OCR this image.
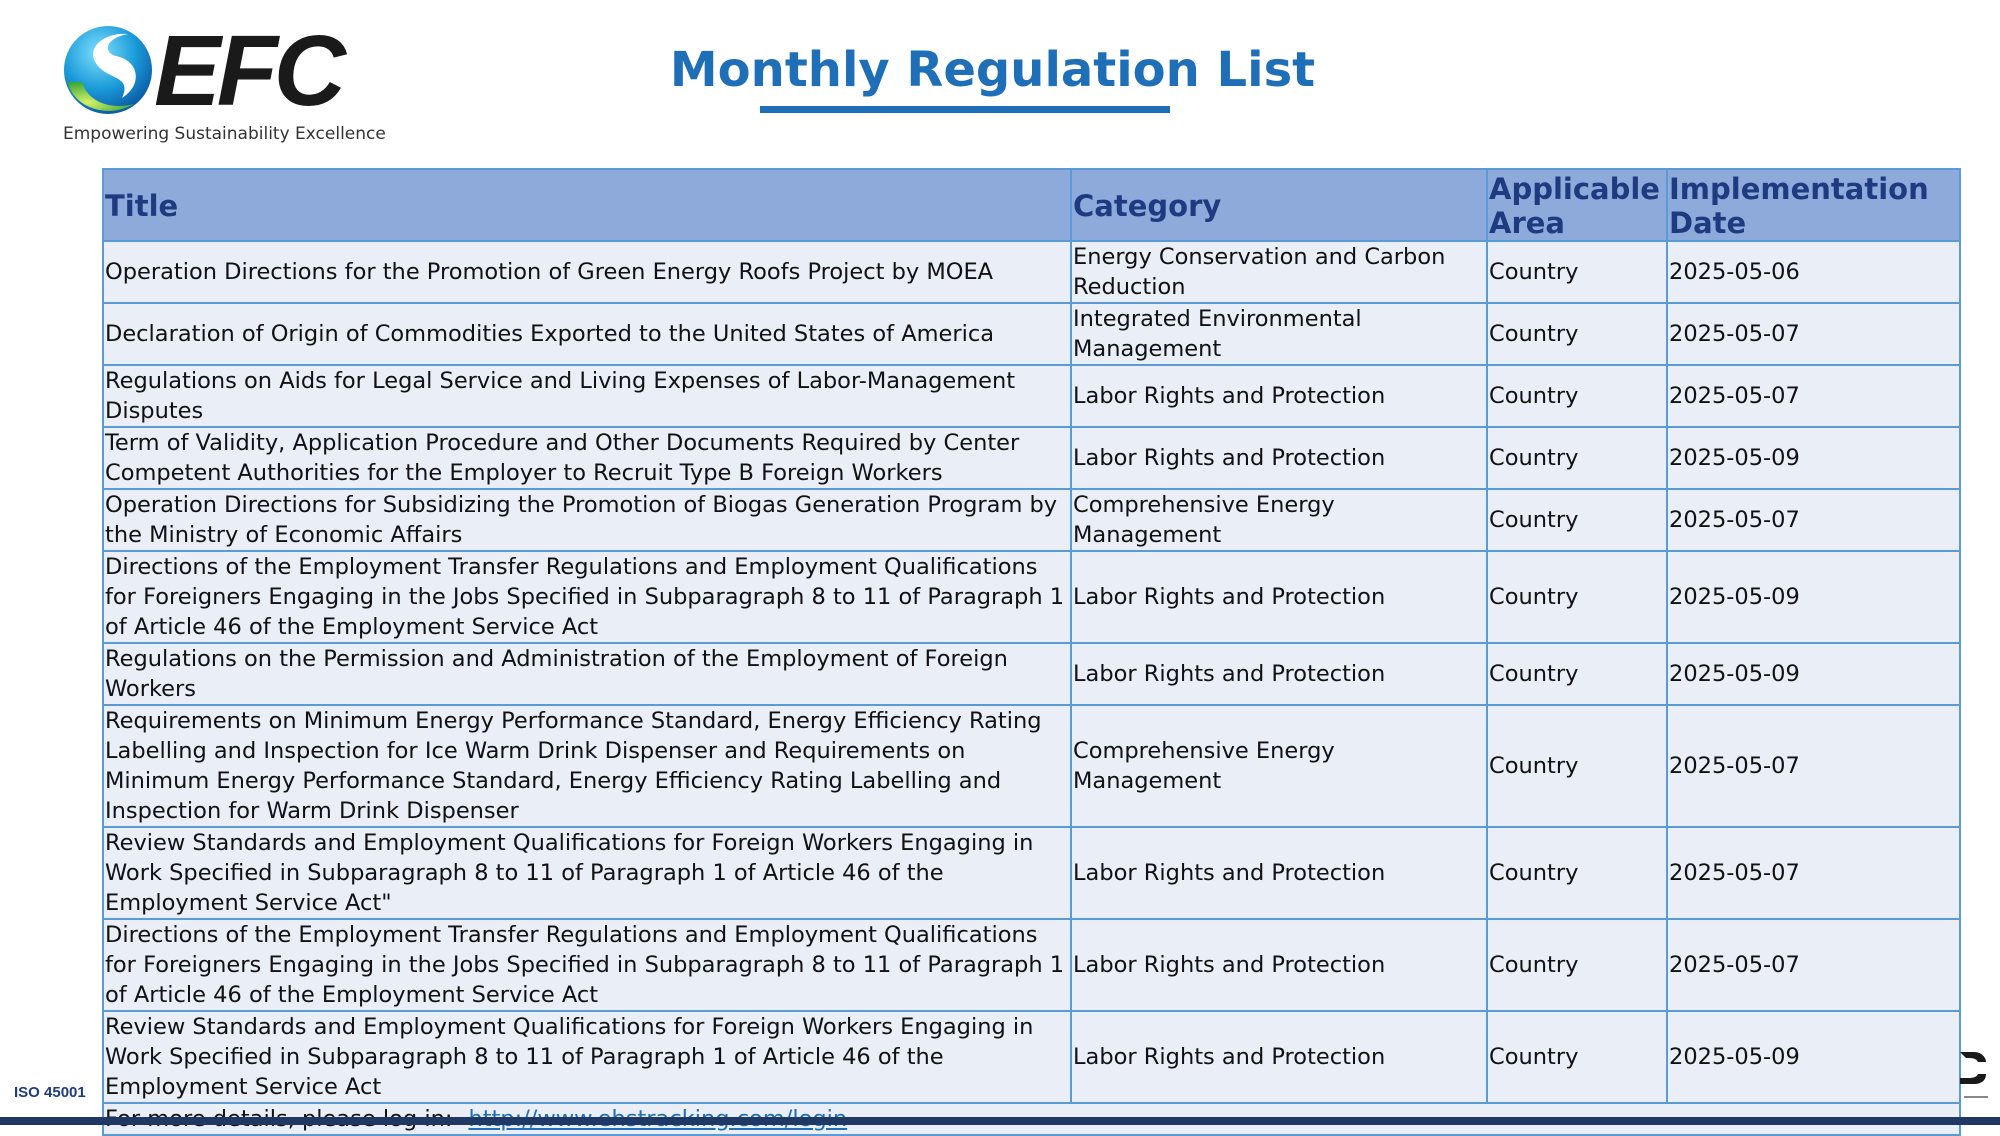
EFC
Empowering Sustainability Excellence
Monthly Regulation List
Title	Category	Applicable Area	Implementation Date
Operation Directions for the Promotion of Green Energy Roofs Project by MOEA	Energy Conservation and Carbon Reduction	Country	2025-05-06
Declaration of Origin of Commodities Exported to the United States of America	Integrated Environmental Management	Country	2025-05-07
Regulations on Aids for Legal Service and Living Expenses of Labor-Management Disputes	Labor Rights and Protection	Country	2025-05-07
Term of Validity, Application Procedure and Other Documents Required by Center Competent Authorities for the Employer to Recruit Type B Foreign Workers	Labor Rights and Protection	Country	2025-05-09
Operation Directions for Subsidizing the Promotion of Biogas Generation Program by the Ministry of Economic Affairs	Comprehensive Energy Management	Country	2025-05-07
Directions of the Employment Transfer Regulations and Employment Qualifications for Foreigners Engaging in the Jobs Specified in Subparagraph 8 to 11 of Paragraph 1 of Article 46 of the Employment Service Act	Labor Rights and Protection	Country	2025-05-09
Regulations on the Permission and Administration of the Employment of Foreign Workers	Labor Rights and Protection	Country	2025-05-09
Requirements on Minimum Energy Performance Standard, Energy Efficiency Rating Labelling and Inspection for Ice Warm Drink Dispenser and Requirements on Minimum Energy Performance Standard, Energy Efficiency Rating Labelling and Inspection for Warm Drink Dispenser	Comprehensive Energy Management	Country	2025-05-07
Review Standards and Employment Qualifications for Foreign Workers Engaging in Work Specified in Subparagraph 8 to 11 of Paragraph 1 of Article 46 of the Employment Service Act"	Labor Rights and Protection	Country	2025-05-07
Directions of the Employment Transfer Regulations and Employment Qualifications for Foreigners Engaging in the Jobs Specified in Subparagraph 8 to 11 of Paragraph 1 of Article 46 of the Employment Service Act	Labor Rights and Protection	Country	2025-05-07
Review Standards and Employment Qualifications for Foreign Workers Engaging in Work Specified in Subparagraph 8 to 11 of Paragraph 1 of Article 46 of the Employment Service Act	Labor Rights and Protection	Country	2025-05-09

ISO 45001
